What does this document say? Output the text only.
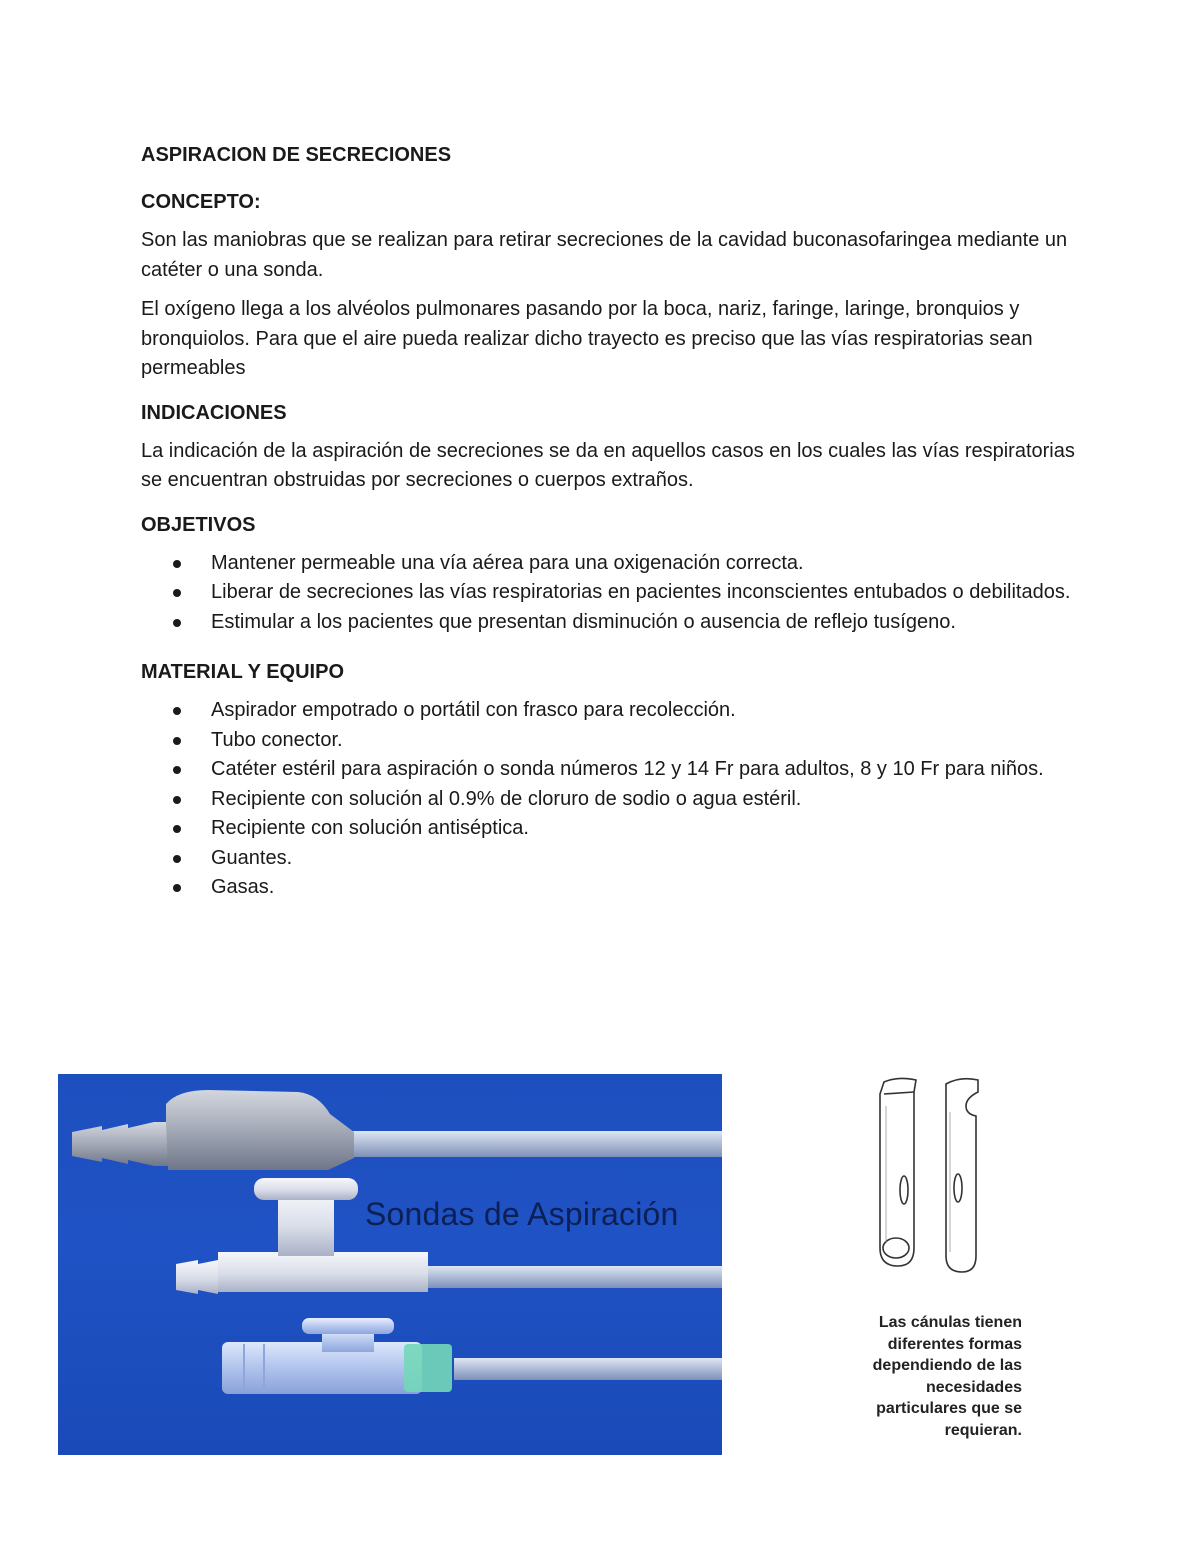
ASPIRACION DE SECRECIONES
CONCEPTO:

Son las maniobras que se realizan para retirar secreciones de la cavidad buconasofaringea mediante un catéter o una sonda.

El oxígeno llega a los alvéolos pulmonares pasando por la boca, nariz, faringe, laringe, bronquios y bronquiolos. Para que el aire pueda realizar dicho trayecto es preciso que las vías respiratorias sean permeables

INDICACIONES

La indicación de la aspiración de secreciones se da en aquellos casos en los cuales las vías respiratorias se encuentran obstruidas por secreciones o cuerpos extraños.

OBJETIVOS
Mantener permeable una vía aérea para una oxigenación correcta.
Liberar de secreciones las vías respiratorias en pacientes inconscientes entubados o debilitados.
Estimular a los pacientes que presentan disminución o ausencia de reflejo tusígeno.
MATERIAL Y EQUIPO
Aspirador empotrado o portátil con frasco para recolección.
Tubo conector.
Catéter estéril para aspiración o sonda números 12 y 14 Fr para adultos, 8 y 10 Fr para niños.
Recipiente con solución al 0.9% de cloruro de sodio o agua estéril.
Recipiente con solución antiséptica.
Guantes.
Gasas.
Sondas de Aspiración
Las cánulas tienen
diferentes formas
dependiendo de las
necesidades
particulares que se
requieran.
